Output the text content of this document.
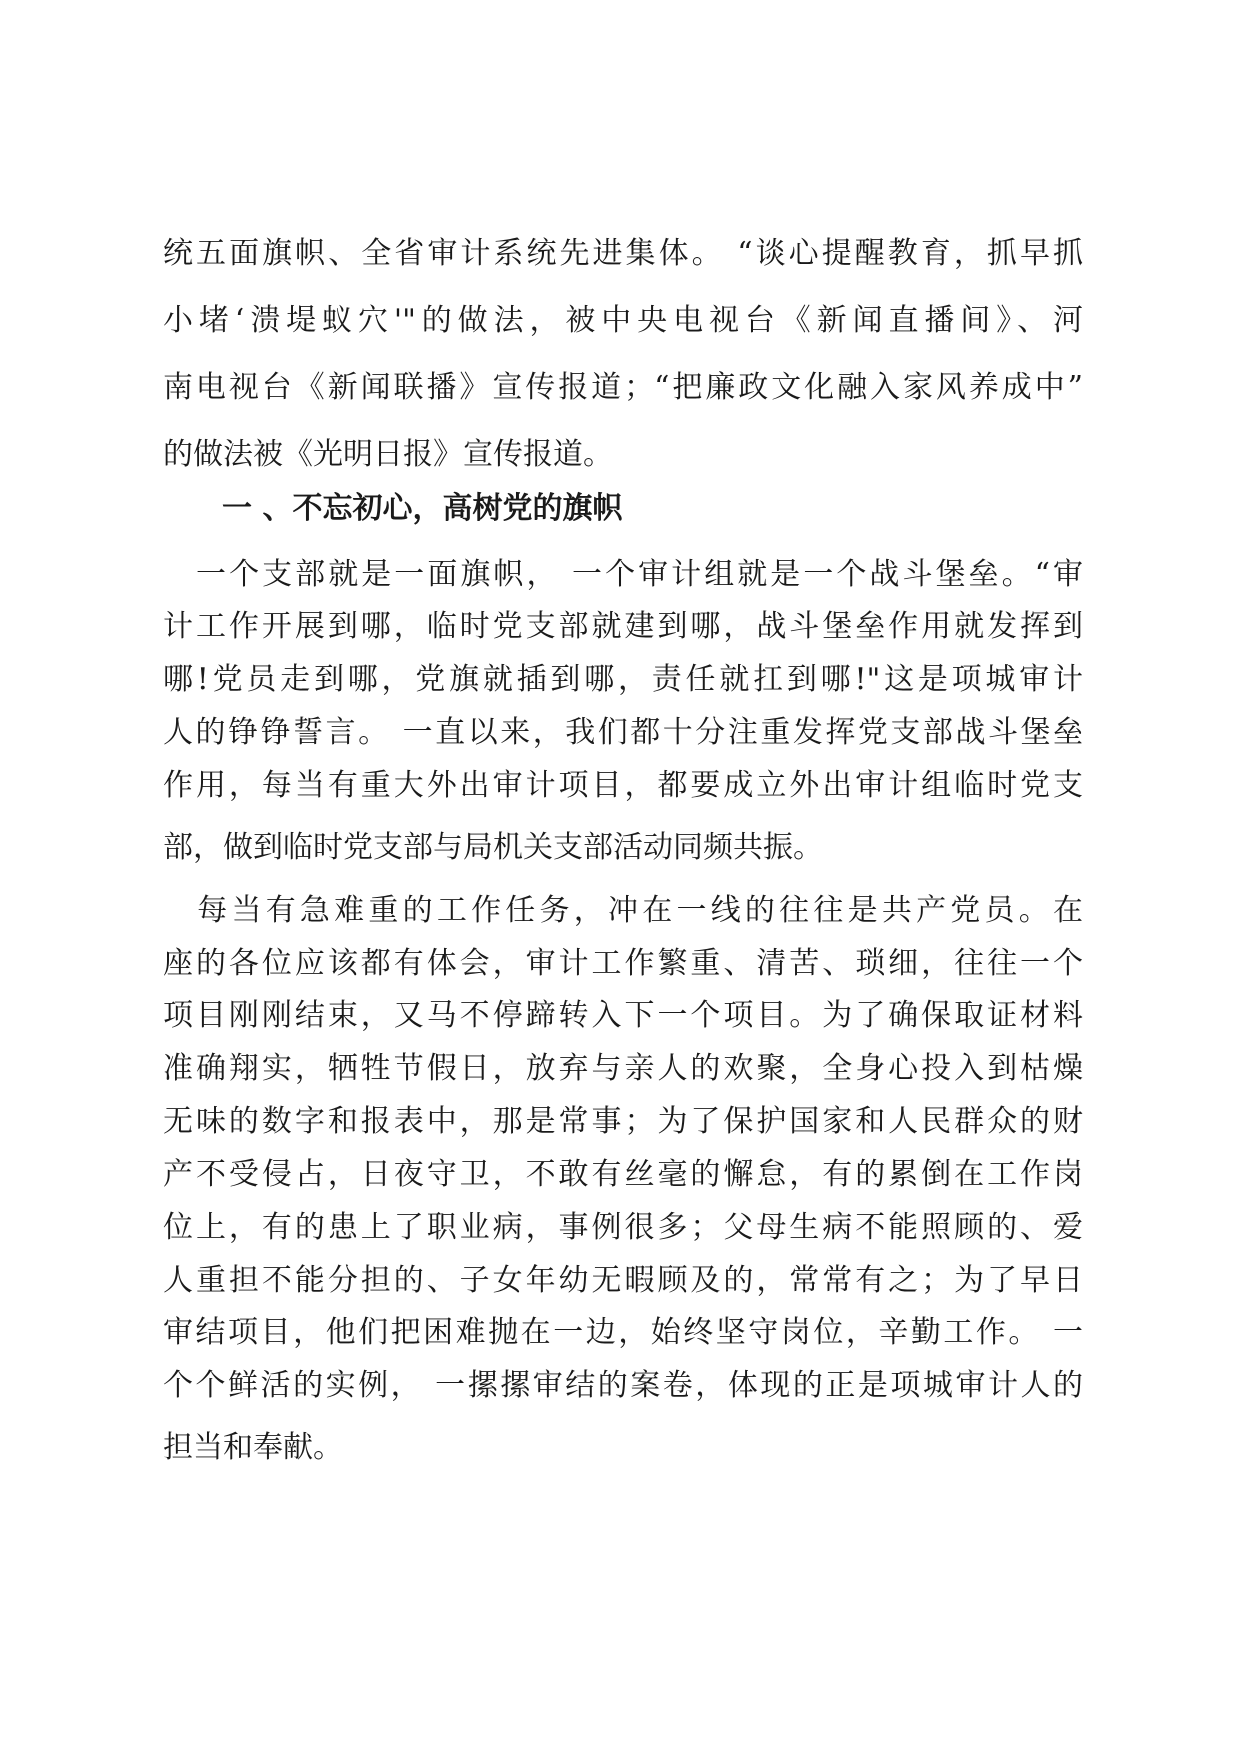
统五面旗帜、全省审计系统先进集体。 “谈心提醒教育，抓早抓
小堵‘溃堤蚁穴'"的做法，被中央电视台《新闻直播间》、河
南电视台《新闻联播》宣传报道；“把廉政文化融入家风养成中”
的做法被《光明日报》宣传报道。
一 、不忘初心，高树党的旗帜
　一个支部就是一面旗帜， 一个审计组就是一个战斗堡垒。“审
计工作开展到哪，临时党支部就建到哪，战斗堡垒作用就发挥到
哪!党员走到哪，党旗就插到哪，责任就扛到哪!"这是项城审计
人的铮铮誓言。 一直以来，我们都十分注重发挥党支部战斗堡垒
作用，每当有重大外出审计项目，都要成立外出审计组临时党支
部，做到临时党支部与局机关支部活动同频共振。
　每当有急难重的工作任务，冲在一线的往往是共产党员。在
座的各位应该都有体会，审计工作繁重、清苦、琐细，往往一个
项目刚刚结束，又马不停蹄转入下一个项目。为了确保取证材料
准确翔实，牺牲节假日，放弃与亲人的欢聚，全身心投入到枯燥
无味的数字和报表中，那是常事；为了保护国家和人民群众的财
产不受侵占，日夜守卫，不敢有丝毫的懈怠，有的累倒在工作岗
位上，有的患上了职业病，事例很多；父母生病不能照顾的、爱
人重担不能分担的、子女年幼无暇顾及的，常常有之；为了早日
审结项目，他们把困难抛在一边，始终坚守岗位，辛勤工作。 一
个个鲜活的实例， 一摞摞审结的案卷，体现的正是项城审计人的
担当和奉献。
